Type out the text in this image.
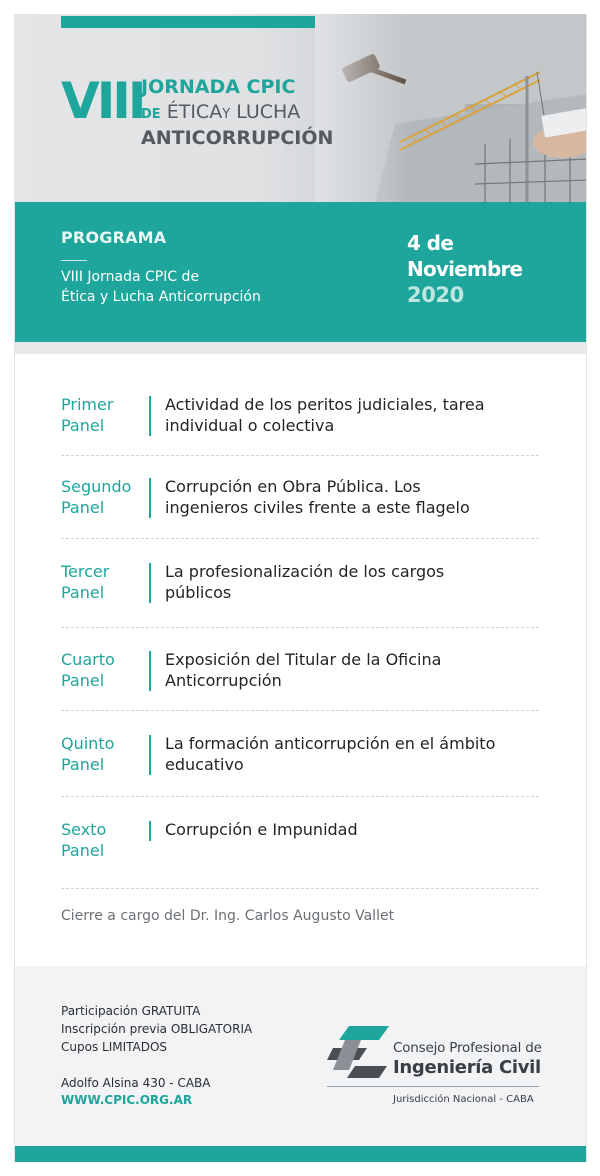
VIII
JORNADA CPIC
DE ÉTICAY LUCHA
ANTICORRUPCIÓN
PROGRAMA
VIII Jornada CPIC de
Ética y Lucha Anticorrupción
4 de
Noviembre
2020
Primer
Panel
Actividad de los peritos judiciales, tarea
individual o colectiva
Segundo
Panel
Corrupción en Obra Pública. Los
ingenieros civiles frente a este flagelo
Tercer
Panel
La profesionalización de los cargos
públicos
Cuarto
Panel
Exposición del Titular de la Oficina
Anticorrupción
Quinto
Panel
La formación anticorrupción en el ámbito
educativo
Sexto
Panel
Corrupción e Impunidad
Cierre a cargo del Dr. Ing. Carlos Augusto Vallet
Participación GRATUITA
Inscripción previa OBLIGATORIA
Cupos LIMITADOS
Adolfo Alsina 430 - CABA
WWW.CPIC.ORG.AR
Consejo Profesional de
Ingeniería Civil
Jurisdicción Nacional - CABA
